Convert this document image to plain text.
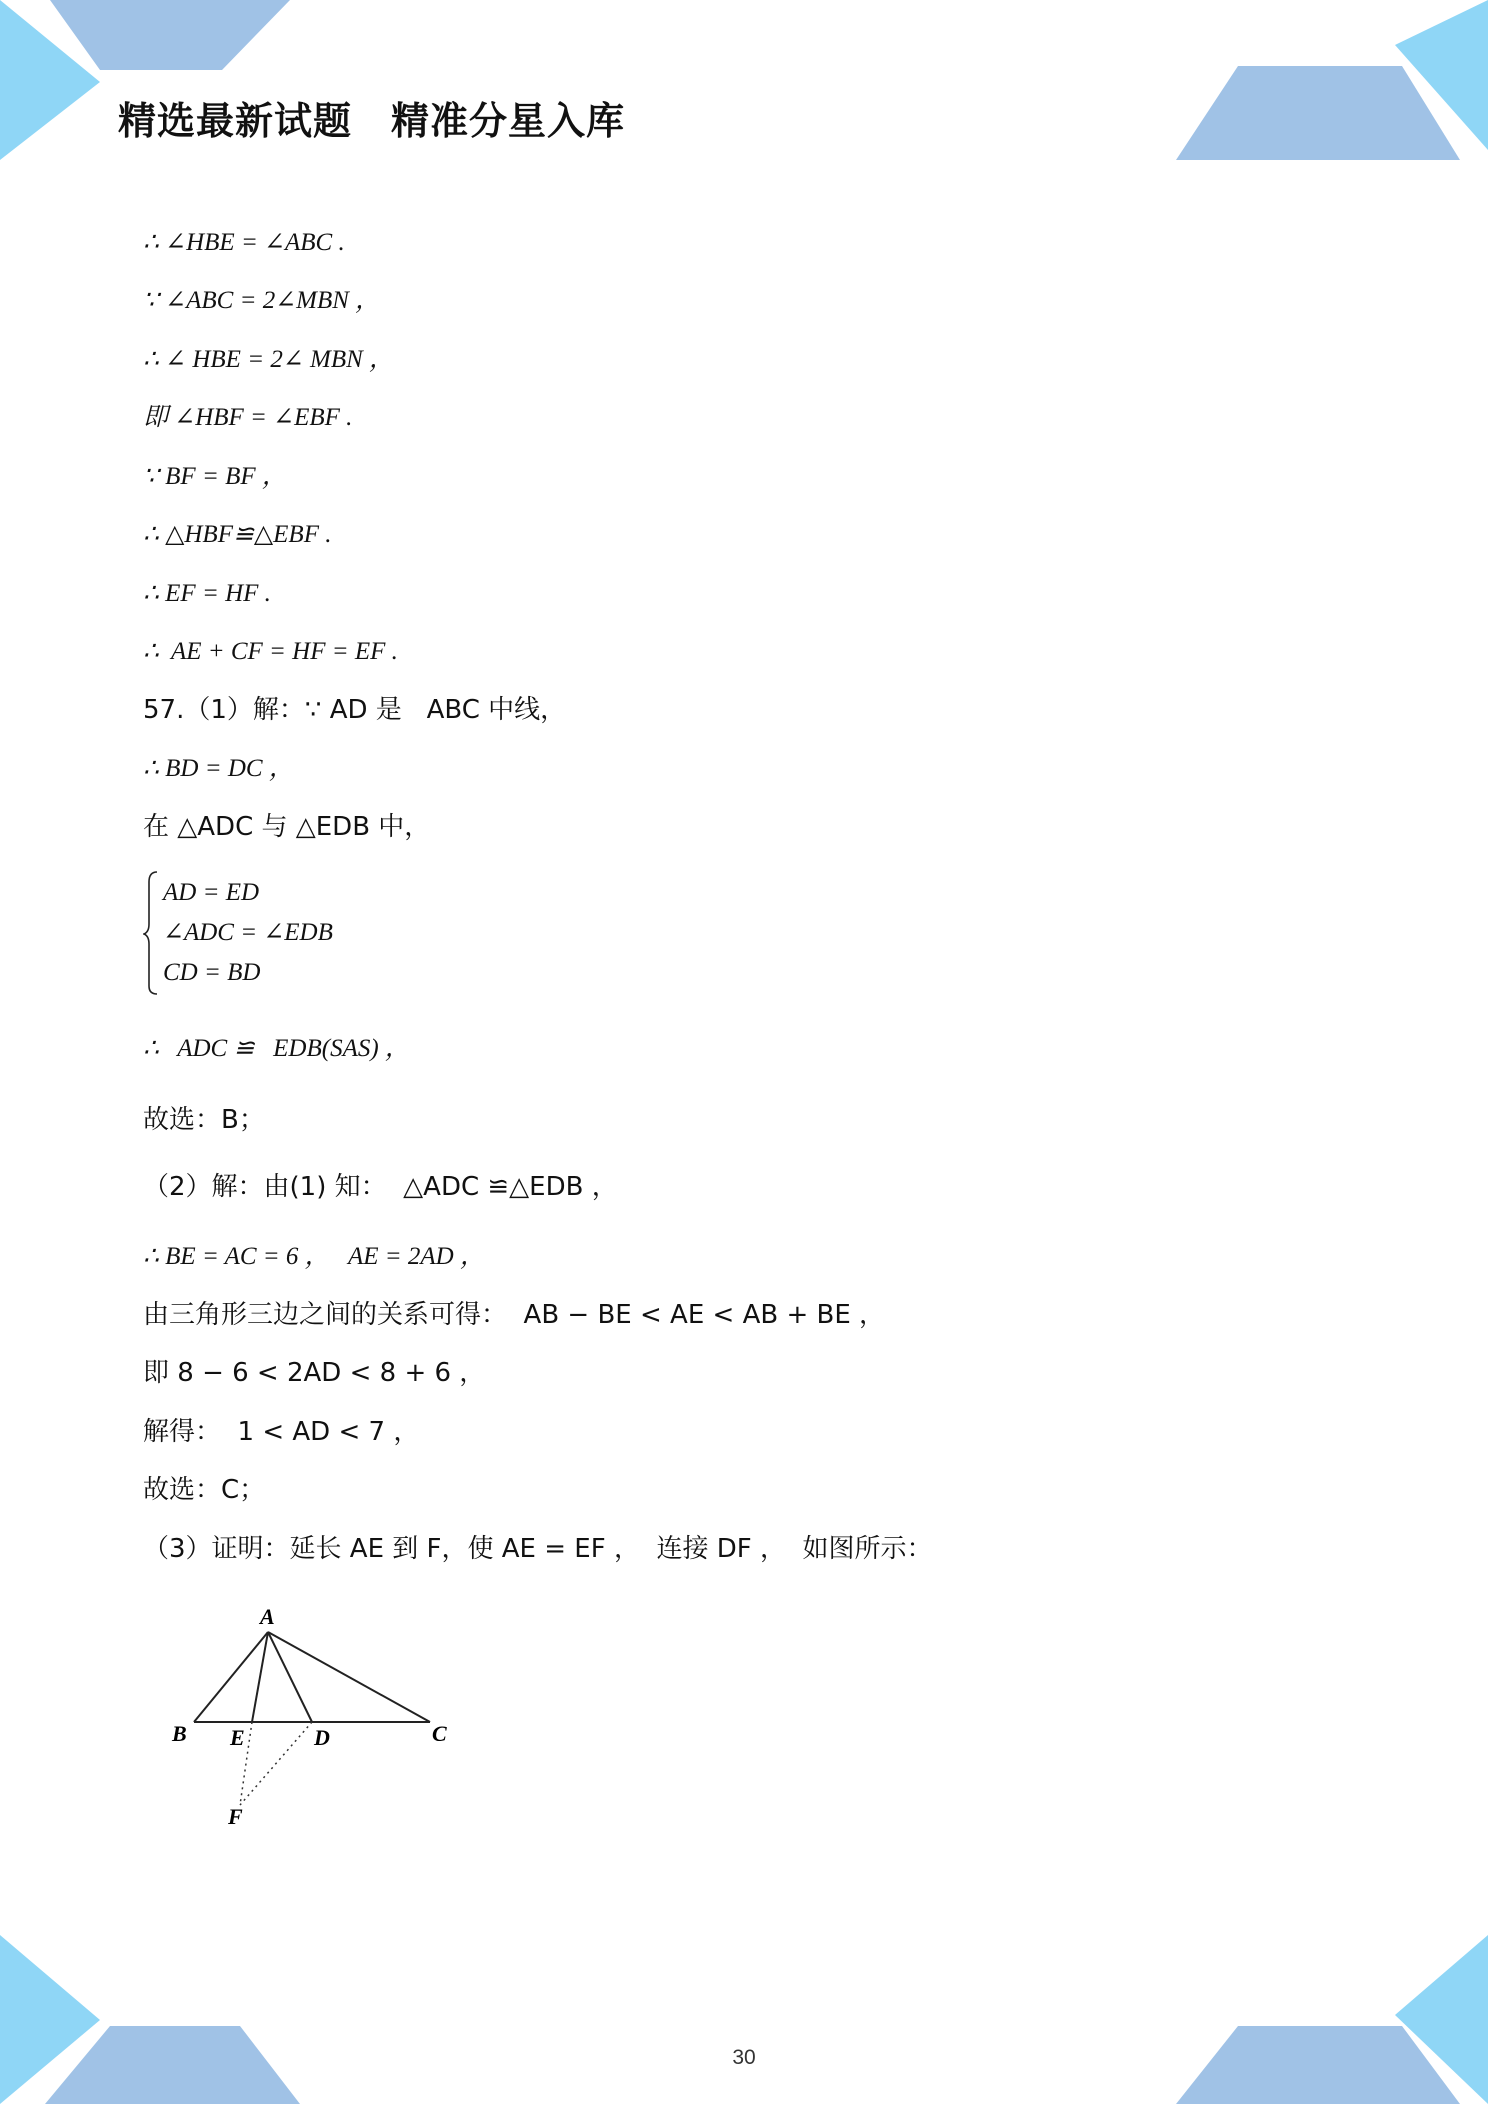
精选最新试题　精准分星入库
∴ ∠HBE = ∠ABC .
∵ ∠ABC = 2∠MBN ，
∴ ∠ HBE = 2∠ MBN ，
即 ∠HBF = ∠EBF .
∵ BF = BF ，
∴ △HBF≌△EBF .
∴ EF = HF .
∴  AE + CF = HF = EF .
57.（1）解：∵ AD 是   ABC 中线，
∴ BD = DC ，
在 △ADC 与 △EDB 中，
AD = ED
∠ADC = ∠EDB
CD = BD
∴   ADC ≌   EDB(SAS) ，
故选：B；
（2）解：由(1) 知：  △ADC ≌△EDB ，
∴ BE = AC = 6 ，   AE = 2AD ，
由三角形三边之间的关系可得：  AB − BE < AE < AB + BE ，
即 8 − 6 < 2AD < 8 + 6 ，
解得：  1 < AD < 7 ，
故选：C；
（3）证明：延长 AE 到 F，使 AE = EF ，  连接 DF ，  如图所示：
A
B E	D	C
F
30
